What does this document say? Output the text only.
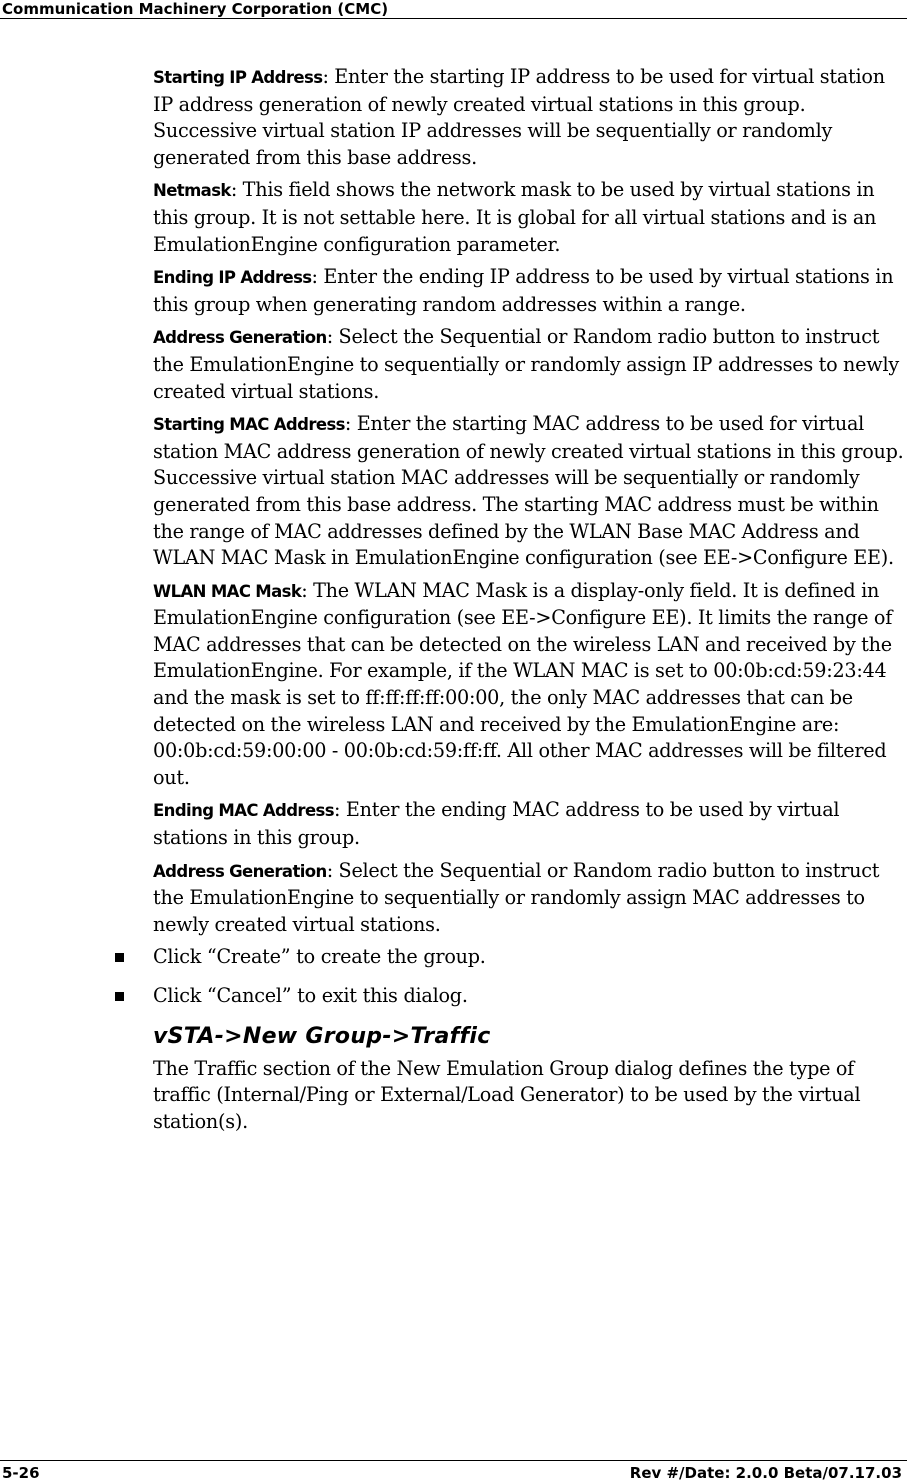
Communication Machinery Corporation (CMC)

Starting IP Address: Enter the starting IP address to be used for virtual station IP address generation of newly created virtual stations in this group. Successive virtual station IP addresses will be sequentially or randomly generated from this base address.

Netmask: This field shows the network mask to be used by virtual stations in this group. It is not settable here. It is global for all virtual stations and is an EmulationEngine configuration parameter.

Ending IP Address: Enter the ending IP address to be used by virtual stations in this group when generating random addresses within a range.

Address Generation: Select the Sequential or Random radio button to instruct the EmulationEngine to sequentially or randomly assign IP addresses to newly created virtual stations.

Starting MAC Address: Enter the starting MAC address to be used for virtual station MAC address generation of newly created virtual stations in this group. Successive virtual station MAC addresses will be sequentially or randomly generated from this base address. The starting MAC address must be within the range of MAC addresses defined by the WLAN Base MAC Address and WLAN MAC Mask in EmulationEngine configuration (see EE->Configure EE).

WLAN MAC Mask: The WLAN MAC Mask is a display-only field. It is defined in EmulationEngine configuration (see EE->Configure EE). It limits the range of MAC addresses that can be detected on the wireless LAN and received by the EmulationEngine. For example, if the WLAN MAC is set to 00:0b:cd:59:23:44 and the mask is set to ff:ff:ff:ff:00:00, the only MAC addresses that can be detected on the wireless LAN and received by the EmulationEngine are: 00:0b:cd:59:00:00 - 00:0b:cd:59:ff:ff. All other MAC addresses will be filtered out.

Ending MAC Address: Enter the ending MAC address to be used by virtual stations in this group.

Address Generation: Select the Sequential or Random radio button to instruct the EmulationEngine to sequentially or randomly assign MAC addresses to newly created virtual stations.

Click “Create” to create the group.
Click “Cancel” to exit this dialog.
vSTA->New Group->Traffic

The Traffic section of the New Emulation Group dialog defines the type of traffic (Internal/Ping or External/Load Generator) to be used by the virtual station(s).

5-26	Rev #/Date: 2.0.0 Beta/07.17.03
